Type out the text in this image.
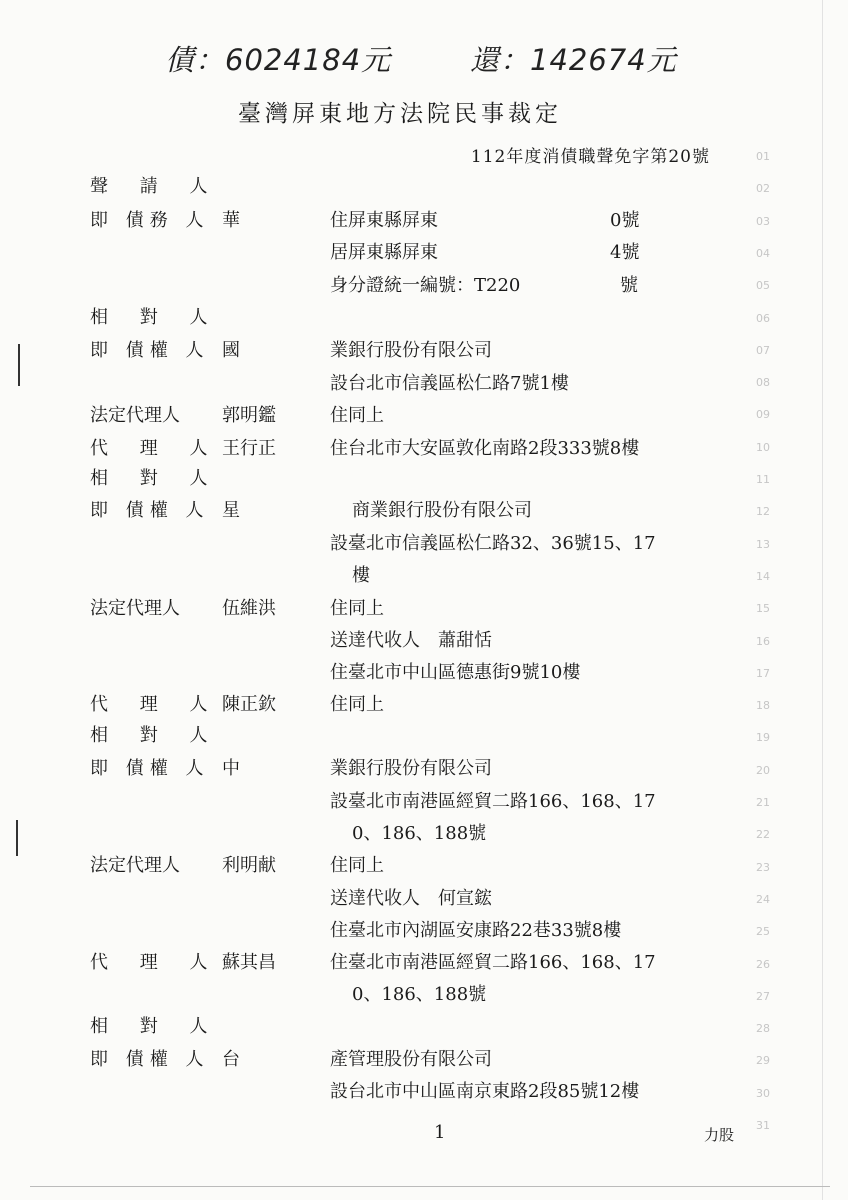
債：6024184元	還：142674元
臺灣屏東地方法院民事裁定
112年度消債職聲免字第20號
聲 請 人
即 債務 人 華	住屏東縣屏東	0號
居屏東縣屏東	4號
身分證統一編號：T220	號
相 對 人
即 債權 人 國	業銀行股份有限公司
設台北市信義區松仁路7號1樓
法定代理人 郭明鑑	住同上
代 理 人 王行正	住台北市大安區敦化南路2段333號8樓
相 對 人
即 債權 人 星	商業銀行股份有限公司
設臺北市信義區松仁路32、36號15、17
樓
法定代理人 伍維洪	住同上
送達代收人　蕭甜恬
住臺北市中山區德惠街9號10樓
代 理 人 陳正欽	住同上
相 對 人
即 債權 人 中	業銀行股份有限公司
設臺北市南港區經貿二路166、168、17
0、186、188號
法定代理人 利明献	住同上
送達代收人　何宣鋐
住臺北市內湖區安康路22巷33號8樓
代 理 人 蘇其昌	住臺北市南港區經貿二路166、168、17
0、186、188號
相 對 人
即 債權 人 台	產管理股份有限公司
設台北市中山區南京東路2段85號12樓
01
02
03
04
05
06
07
08
09
10
11
12
13
14
15
16
17
18
19
20
21
22
23
24
25
26
27
28
29
30
31
1	力股
